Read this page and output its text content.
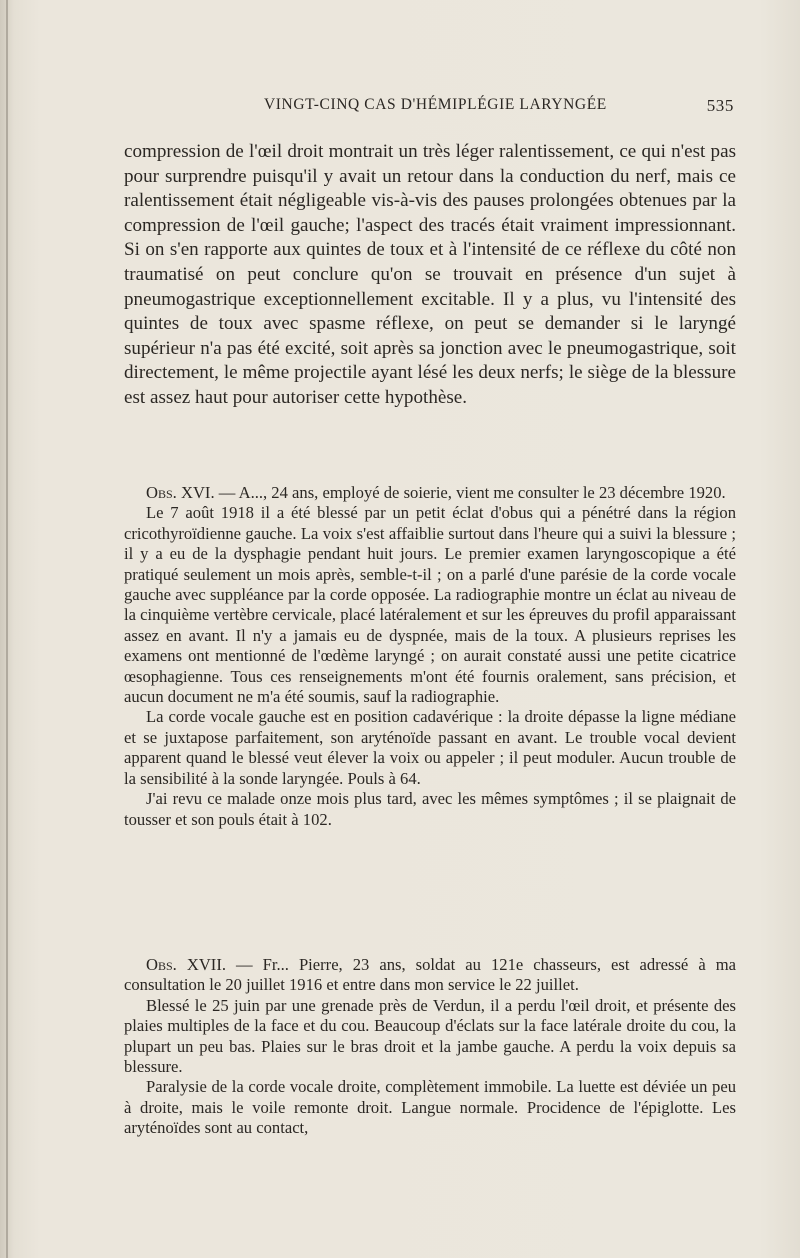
VINGT-CINQ CAS D'HÉMIPLÉGIE LARYNGÉE	535

compression de l'œil droit montrait un très léger ralentissement, ce qui n'est pas pour surprendre puisqu'il y avait un retour dans la conduction du nerf, mais ce ralentissement était négligeable vis-à-vis des pauses prolongées obtenues par la compression de l'œil gauche; l'aspect des tracés était vraiment impressionnant. Si on s'en rapporte aux quintes de toux et à l'intensité de ce réflexe du côté non traumatisé on peut conclure qu'on se trouvait en présence d'un sujet à pneumogastrique exceptionnellement excitable. Il y a plus, vu l'intensité des quintes de toux avec spasme réflexe, on peut se demander si le laryngé supérieur n'a pas été excité, soit après sa jonction avec le pneumogastrique, soit directement, le même projectile ayant lésé les deux nerfs; le siège de la blessure est assez haut pour autoriser cette hypothèse.

Obs. XVI. — A..., 24 ans, employé de soierie, vient me consulter le 23 décembre 1920.

Le 7 août 1918 il a été blessé par un petit éclat d'obus qui a pénétré dans la région cricothyroïdienne gauche. La voix s'est affaiblie surtout dans l'heure qui a suivi la blessure ; il y a eu de la dysphagie pendant huit jours. Le premier examen laryngoscopique a été pratiqué seulement un mois après, semble-t-il ; on a parlé d'une parésie de la corde vocale gauche avec suppléance par la corde opposée. La radiographie montre un éclat au niveau de la cinquième vertèbre cervicale, placé latéralement et sur les épreuves du profil apparaissant assez en avant. Il n'y a jamais eu de dyspnée, mais de la toux. A plusieurs reprises les examens ont mentionné de l'œdème laryngé ; on aurait constaté aussi une petite cicatrice œsophagienne. Tous ces renseignements m'ont été fournis oralement, sans précision, et aucun document ne m'a été soumis, sauf la radiographie.

La corde vocale gauche est en position cadavérique : la droite dépasse la ligne médiane et se juxtapose parfaitement, son aryténoïde passant en avant. Le trouble vocal devient apparent quand le blessé veut élever la voix ou appeler ; il peut moduler. Aucun trouble de la sensibilité à la sonde laryngée. Pouls à 64.

J'ai revu ce malade onze mois plus tard, avec les mêmes symptômes ; il se plaignait de tousser et son pouls était à 102.

Obs. XVII. — Fr... Pierre, 23 ans, soldat au 121e chasseurs, est adressé à ma consultation le 20 juillet 1916 et entre dans mon service le 22 juillet.

Blessé le 25 juin par une grenade près de Verdun, il a perdu l'œil droit, et présente des plaies multiples de la face et du cou. Beaucoup d'éclats sur la face latérale droite du cou, la plupart un peu bas. Plaies sur le bras droit et la jambe gauche. A perdu la voix depuis sa blessure.

Paralysie de la corde vocale droite, complètement immobile. La luette est déviée un peu à droite, mais le voile remonte droit. Langue normale. Procidence de l'épiglotte. Les aryténoïdes sont au contact,
